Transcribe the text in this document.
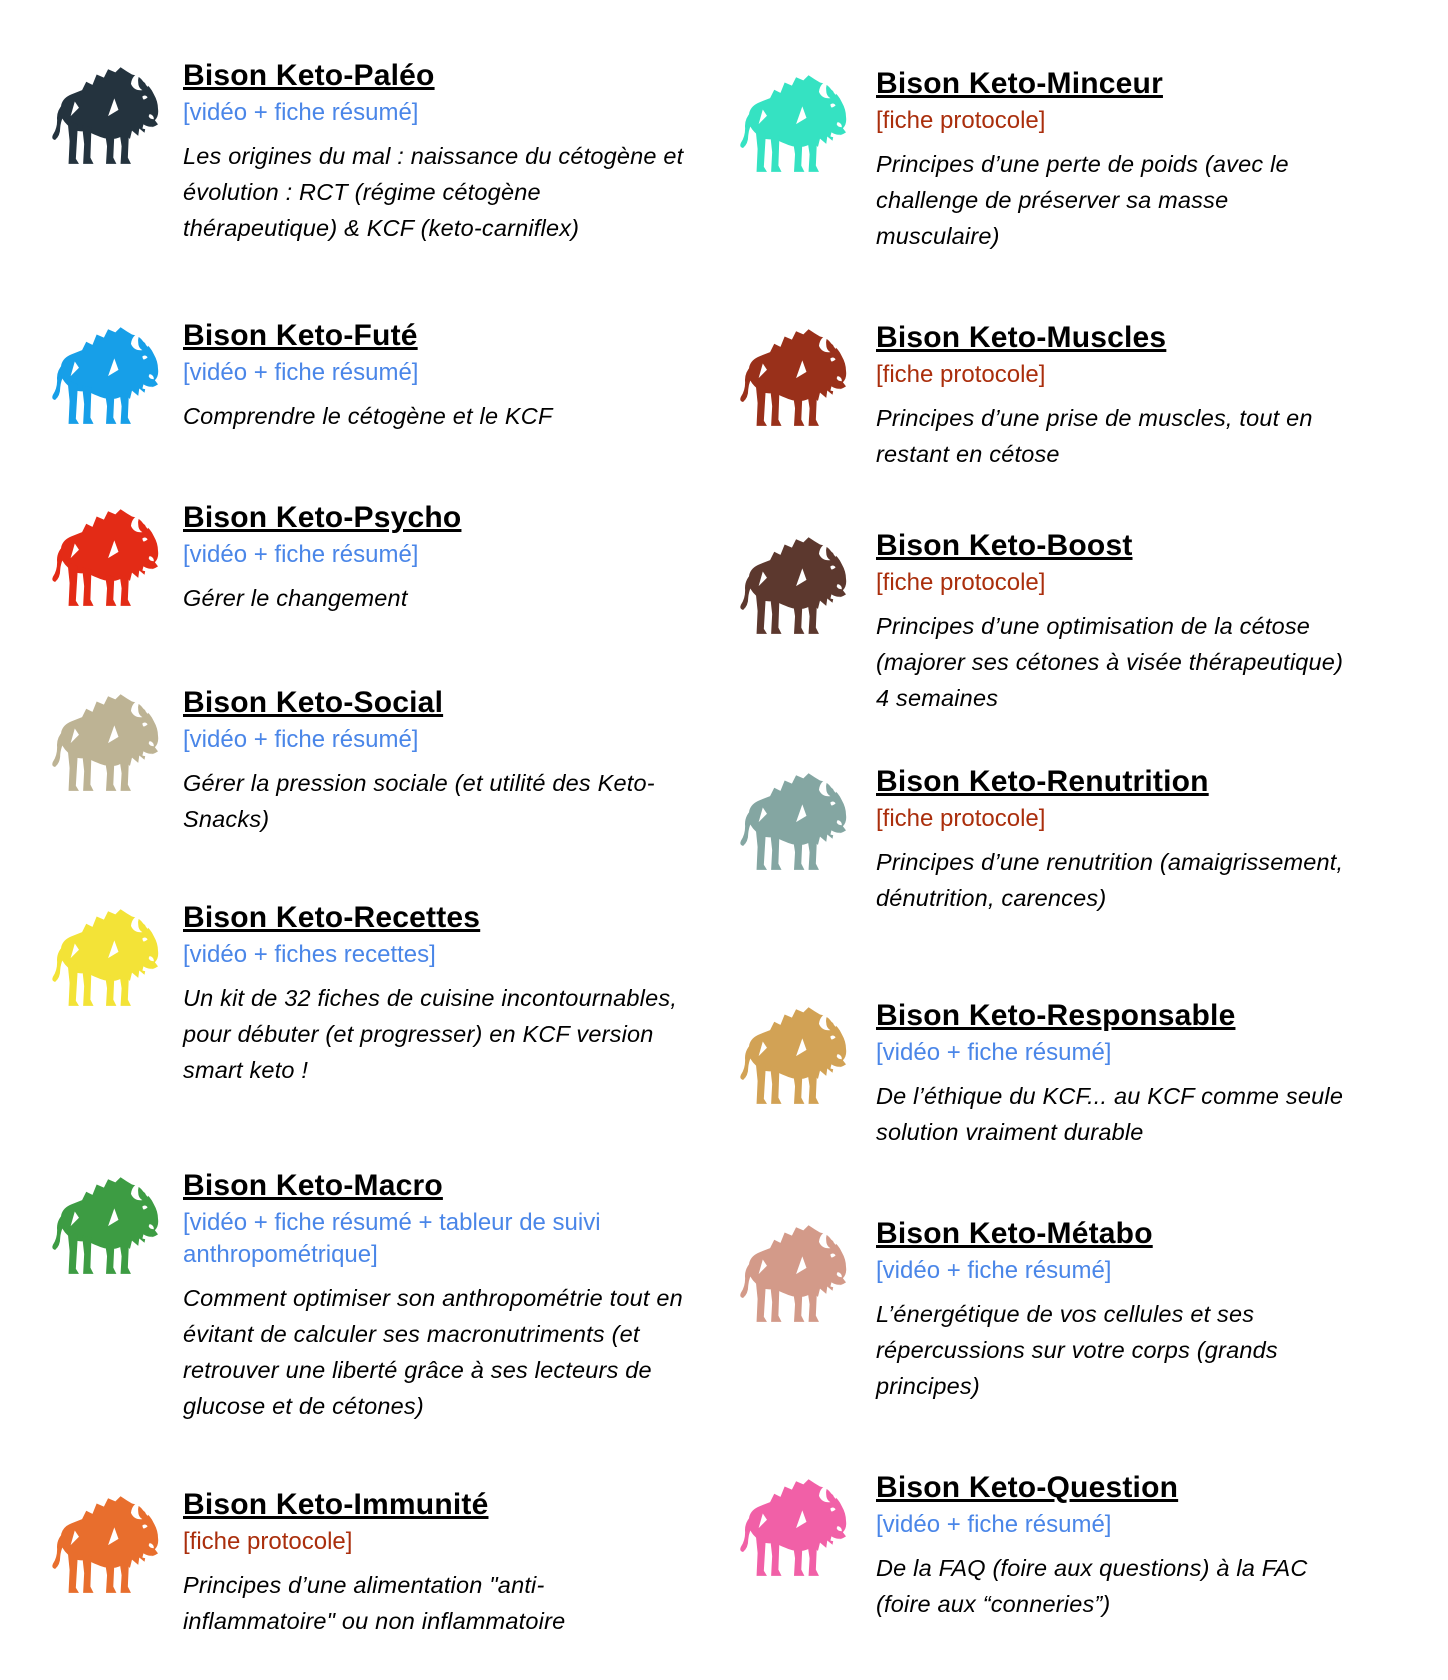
Bison Keto-Paléo
[vidéo + fiche résumé]

Les origines du mal : naissance du cétogène et évolution : RCT (régime cétogène thérapeutique) & KCF (keto-carniflex)

Bison Keto-Futé
[vidéo + fiche résumé]

Comprendre le cétogène et le KCF

Bison Keto-Psycho
[vidéo + fiche résumé]

Gérer le changement

Bison Keto-Social
[vidéo + fiche résumé]

Gérer la pression sociale (et utilité des Keto-Snacks)

Bison Keto-Recettes
[vidéo + fiches recettes]

Un kit de 32 fiches de cuisine incontournables, pour débuter (et progresser) en KCF version smart keto !

Bison Keto-Macro
[vidéo + fiche résumé + tableur de suivi anthropométrique]

Comment optimiser son anthropométrie tout en évitant de calculer ses macronutriments (et retrouver une liberté grâce à ses lecteurs de glucose et de cétones)

Bison Keto-Immunité
[fiche protocole]

Principes d’une alimentation "anti-inflammatoire" ou non inflammatoire

Bison Keto-Minceur
[fiche protocole]

Principes d’une perte de poids (avec le challenge de préserver sa masse musculaire)

Bison Keto-Muscles
[fiche protocole]

Principes d’une prise de muscles, tout en restant en cétose

Bison Keto-Boost
[fiche protocole]

Principes d’une optimisation de la cétose (majorer ses cétones à visée thérapeutique) 4 semaines

Bison Keto-Renutrition
[fiche protocole]

Principes d’une renutrition (amaigrissement, dénutrition, carences)

Bison Keto-Responsable
[vidéo + fiche résumé]

De l’éthique du KCF... au KCF comme seule solution vraiment durable

Bison Keto-Métabo
[vidéo + fiche résumé]

L’énergétique de vos cellules et ses répercussions sur votre corps (grands principes)

Bison Keto-Question
[vidéo + fiche résumé]

De la FAQ (foire aux questions) à la FAC (foire aux “conneries”)
